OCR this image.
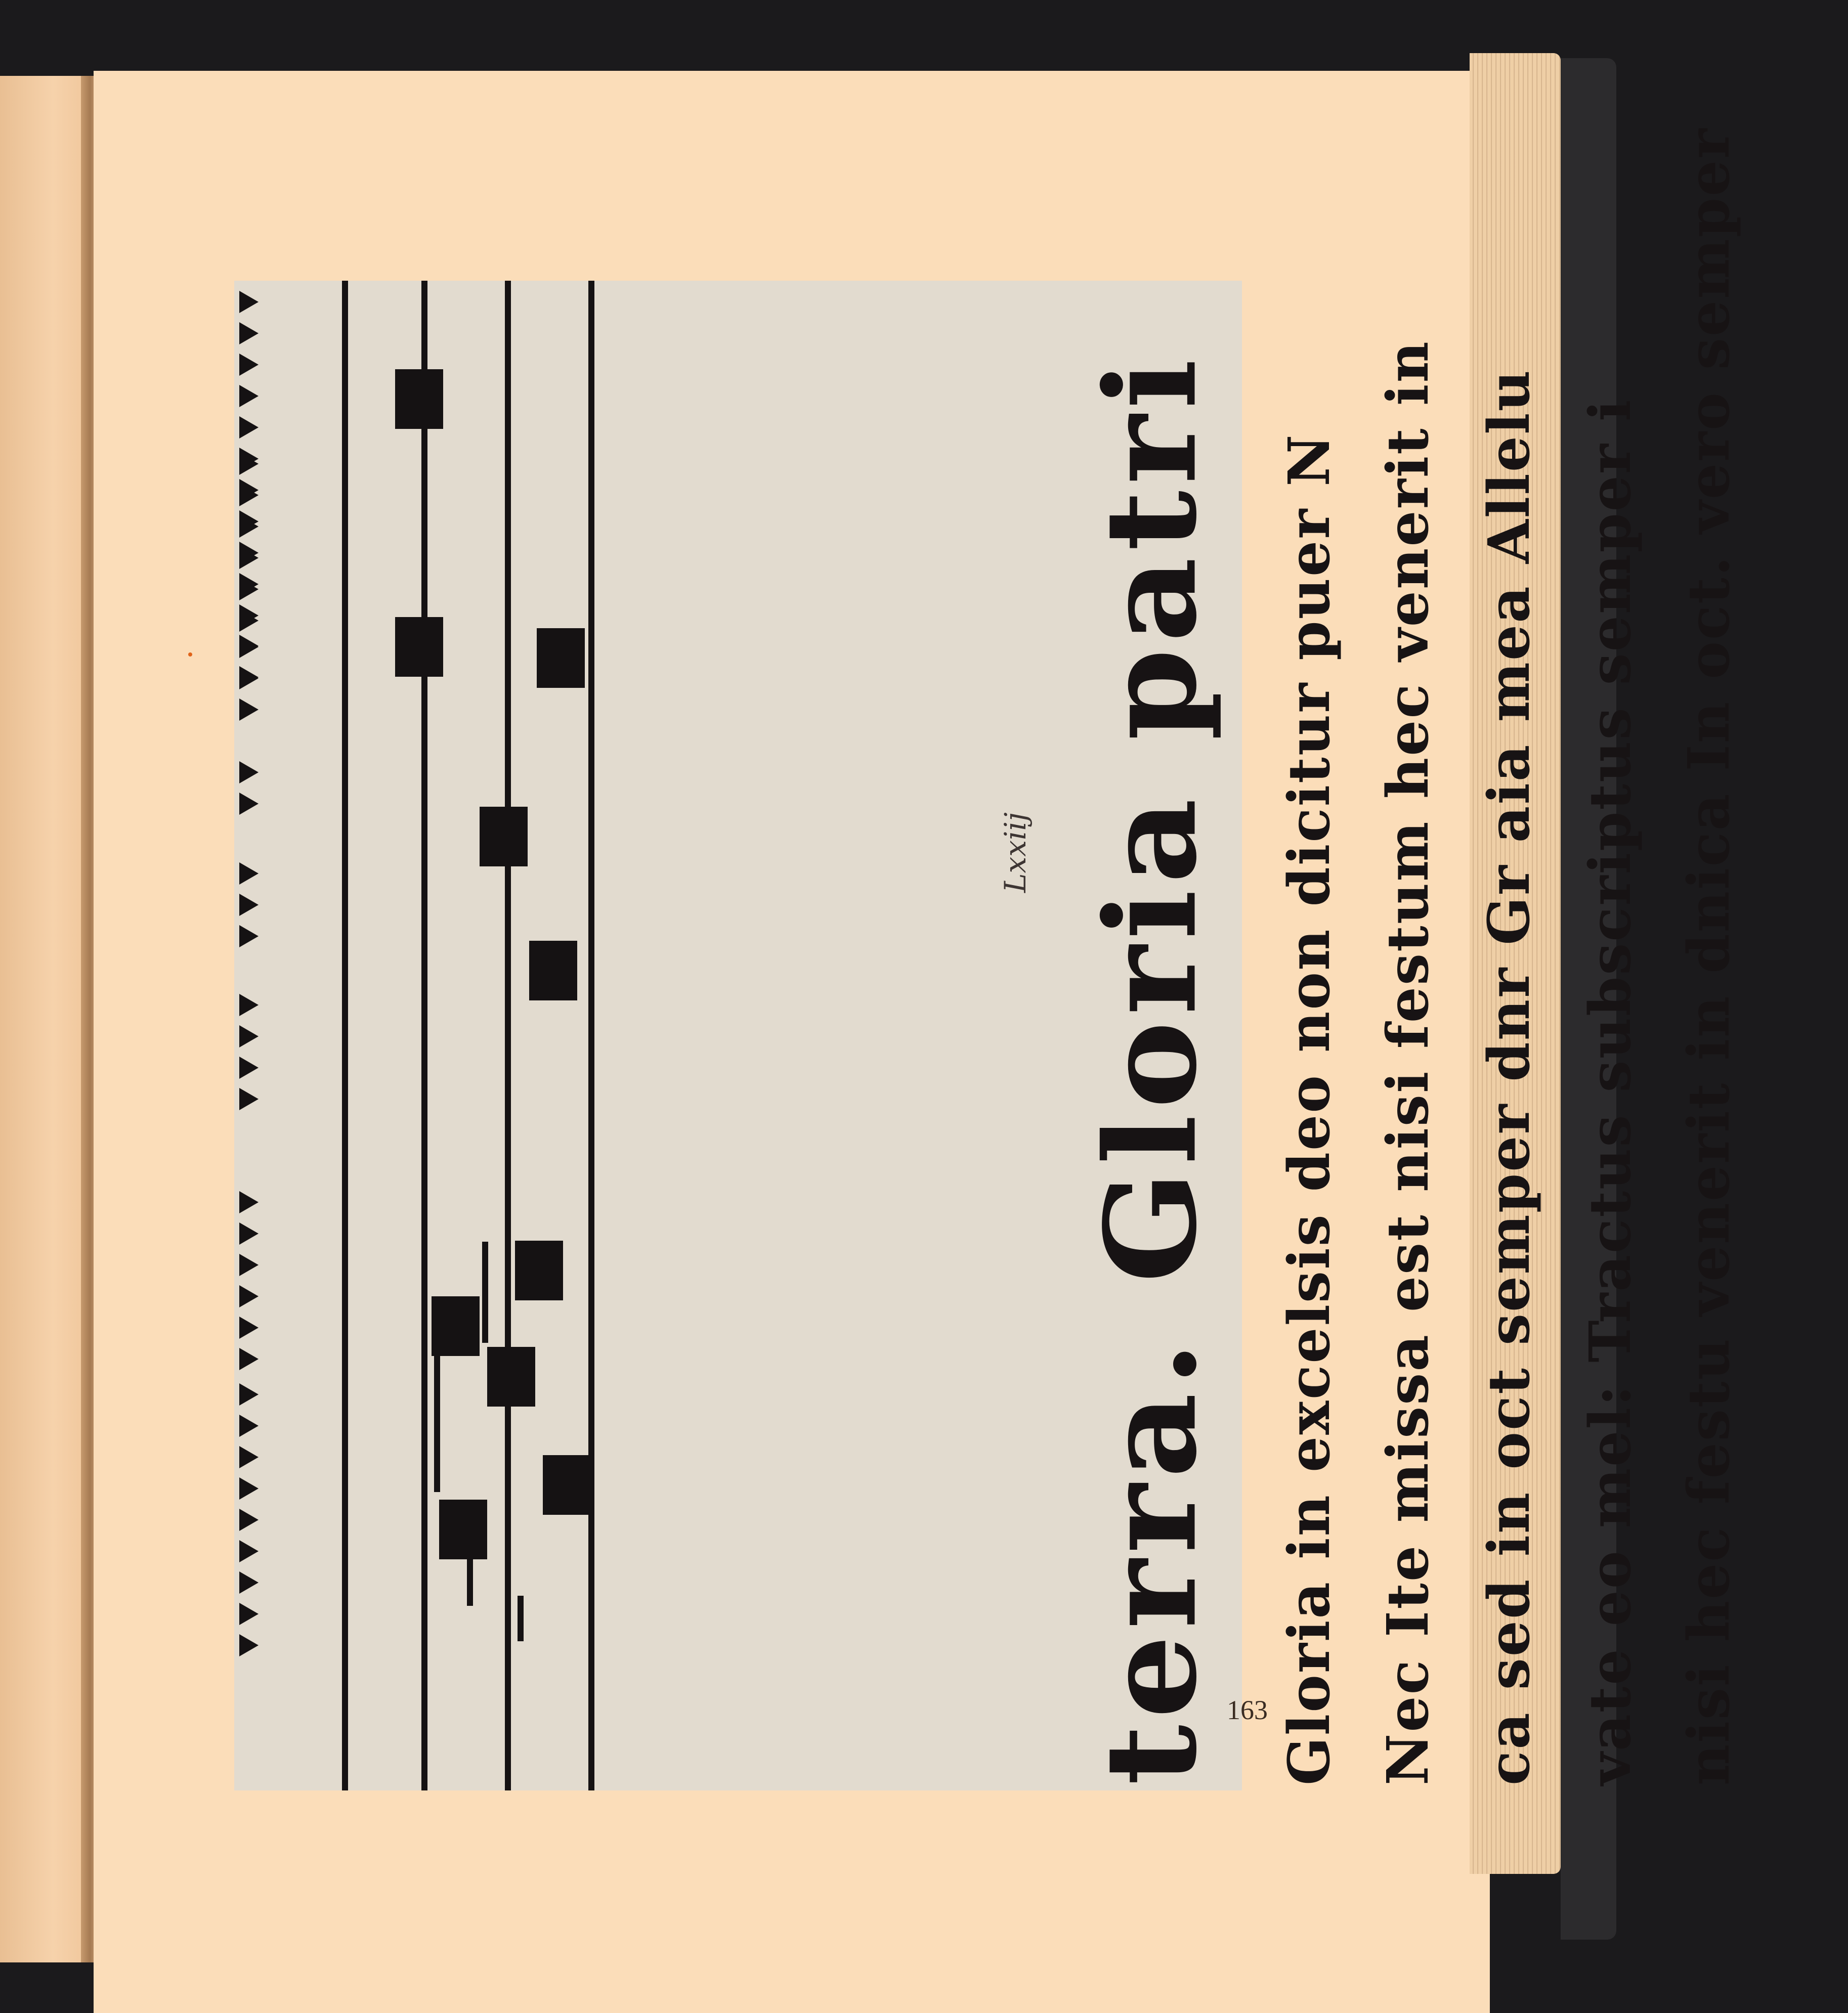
terra. Gloria patri Gloria in excelsis deo non dicitur puer N Nec Ite missa est nisi festum hec venerit in ca sed in oct semper dnr Gr aia mea Allelu vate eo mel: Tractus subscriptus semper i nisi hec festu venerit in dnica In oct. vero semper
Lxxiij
163
